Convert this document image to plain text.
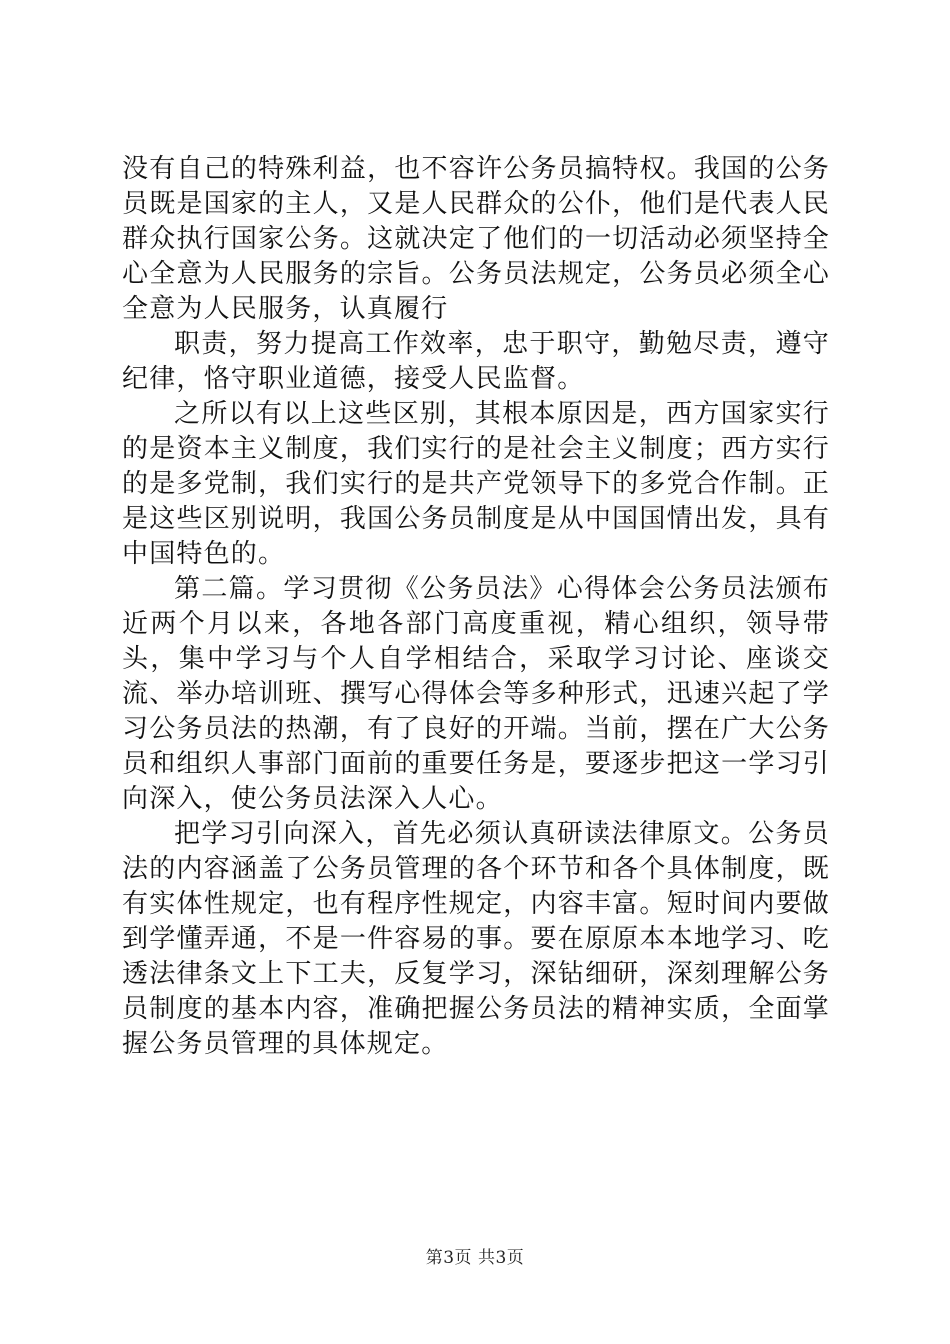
没有自己的特殊利益，也不容许公务员搞特权。我国的公务员既是国家的主人，又是人民群众的公仆，他们是代表人民群众执行国家公务。这就决定了他们的一切活动必须坚持全心全意为人民服务的宗旨。公务员法规定，公务员必须全心全意为人民服务，认真履行

职责，努力提高工作效率，忠于职守，勤勉尽责，遵守纪律，恪守职业道德，接受人民监督。

之所以有以上这些区别，其根本原因是，西方国家实行的是资本主义制度，我们实行的是社会主义制度；西方实行的是多党制，我们实行的是共产党领导下的多党合作制。正是这些区别说明，我国公务员制度是从中国国情出发，具有中国特色的。

第二篇。学习贯彻《公务员法》心得体会公务员法颁布近两个月以来，各地各部门高度重视，精心组织，领导带头，集中学习与个人自学相结合，采取学习讨论、座谈交流、举办培训班、撰写心得体会等多种形式，迅速兴起了学习公务员法的热潮，有了良好的开端。当前，摆在广大公务员和组织人事部门面前的重要任务是，要逐步把这一学习引向深入，使公务员法深入人心。

把学习引向深入，首先必须认真研读法律原文。公务员法的内容涵盖了公务员管理的各个环节和各个具体制度，既有实体性规定，也有程序性规定，内容丰富。短时间内要做到学懂弄通，不是一件容易的事。要在原原本本地学习、吃透法律条文上下工夫，反复学习，深钻细研，深刻理解公务员制度的基本内容，准确把握公务员法的精神实质，全面掌握公务员管理的具体规定。

第3页 共3页
